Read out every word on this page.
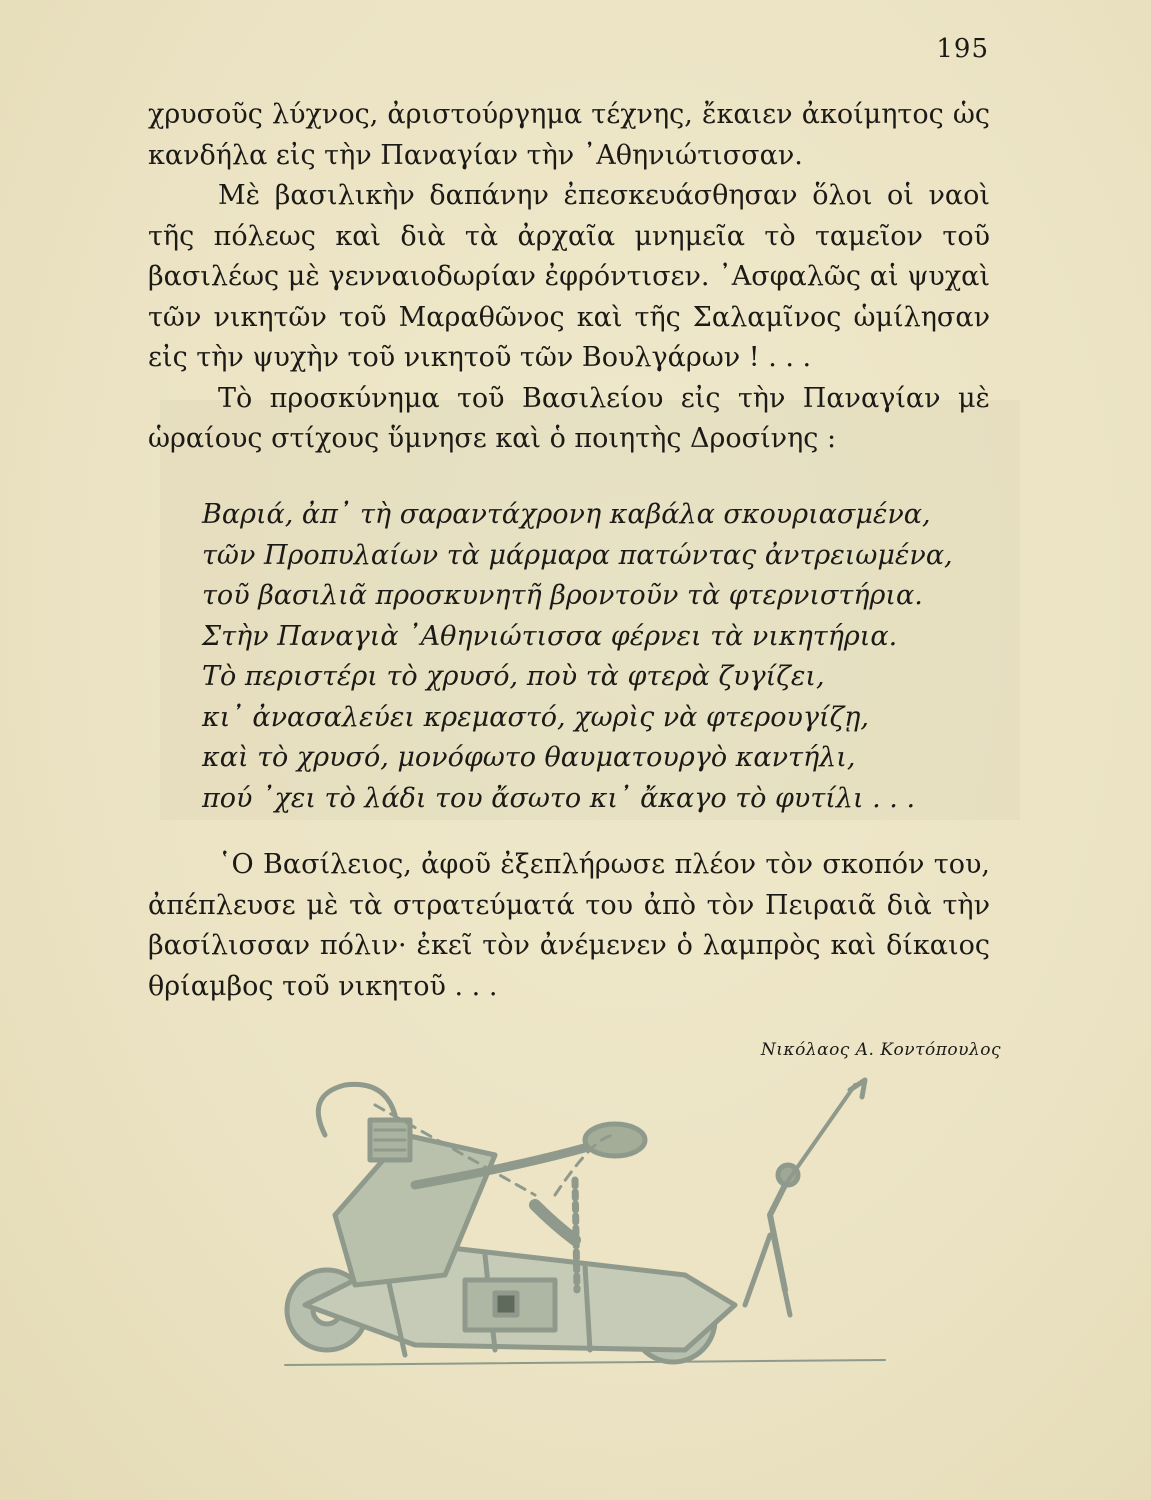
195

χρυσοῦς λύχνος, ἀριστούργημα τέχνης, ἔκαιεν ἀκοίμητος ὡς κανδήλα εἰς τὴν Παναγίαν τὴν ᾿Αθηνιώτισσαν.

Μὲ βασιλικὴν δαπάνην ἐπεσκευάσθησαν ὅλοι οἱ ναοὶ τῆς πόλεως καὶ διὰ τὰ ἀρχαῖα μνημεῖα τὸ ταμεῖον τοῦ βασιλέως μὲ γενναιοδωρίαν ἐφρόντισεν. ᾿Ασφαλῶς αἱ ψυχαὶ τῶν νικητῶν τοῦ Μαραθῶνος καὶ τῆς Σαλαμῖνος ὡμίλησαν εἰς τὴν ψυχὴν τοῦ νικητοῦ τῶν Βουλγάρων ! . . .

Τὸ προσκύνημα τοῦ Βασιλείου εἰς τὴν Παναγίαν μὲ ὡραίους στίχους ὕμνησε καὶ ὁ ποιητὴς Δροσίνης :

Βαριά, ἀπ᾿ τὴ σαραντάχρονη καβάλα σκουριασμένα,
τῶν Προπυλαίων τὰ μάρμαρα πατώντας ἀντρειωμένα,
τοῦ βασιλιᾶ προσκυνητῆ βροντοῦν τὰ φτερνιστήρια.
Στὴν Παναγιὰ ᾿Αθηνιώτισσα φέρνει τὰ νικητήρια.
Τὸ περιστέρι τὸ χρυσό, ποὺ τὰ φτερὰ ζυγίζει,
κι᾿ ἀνασαλεύει κρεμαστό, χωρὶς νὰ φτερουγίζῃ,
καὶ τὸ χρυσό, μονόφωτο θαυματουργὸ καντήλι,
πού ᾿χει τὸ λάδι του ἄσωτο κι᾿ ἄκαγο τὸ φυτίλι . . .

῾Ο Βασίλειος, ἀφοῦ ἐξεπλήρωσε πλέον τὸν σκοπόν του, ἀπέπλευσε μὲ τὰ στρατεύματά του ἀπὸ τὸν Πειραιᾶ διὰ τὴν βασίλισσαν πόλιν· ἐκεῖ τὸν ἀνέμενεν ὁ λαμπρὸς καὶ δίκαιος θρίαμβος τοῦ νικητοῦ . . .

Νικόλαος Α. Κοντόπουλος
